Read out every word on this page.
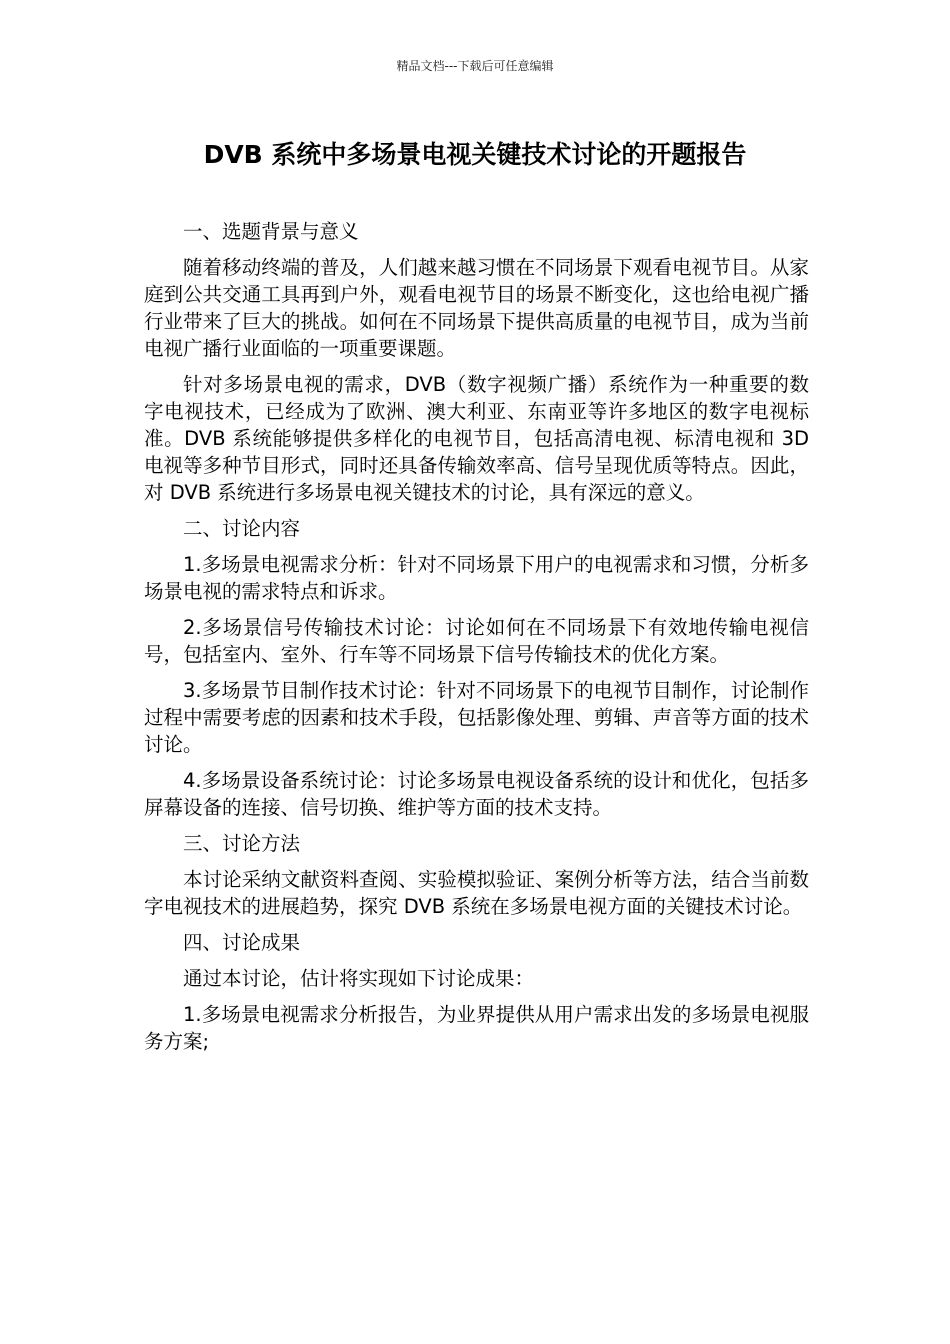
精品文档---下载后可任意编辑
DVB 系统中多场景电视关键技术讨论的开题报告

一、选题背景与意义

随着移动终端的普及，人们越来越习惯在不同场景下观看电视节目。从家庭到公共交通工具再到户外，观看电视节目的场景不断变化，这也给电视广播行业带来了巨大的挑战。如何在不同场景下提供高质量的电视节目，成为当前电视广播行业面临的一项重要课题。

针对多场景电视的需求，DVB（数字视频广播）系统作为一种重要的数字电视技术，已经成为了欧洲、澳大利亚、东南亚等许多地区的数字电视标准。DVB 系统能够提供多样化的电视节目，包括高清电视、标清电视和 3D 电视等多种节目形式，同时还具备传输效率高、信号呈现优质等特点。因此，对 DVB 系统进行多场景电视关键技术的讨论，具有深远的意义。

二、讨论内容

1.多场景电视需求分析：针对不同场景下用户的电视需求和习惯，分析多场景电视的需求特点和诉求。

2.多场景信号传输技术讨论：讨论如何在不同场景下有效地传输电视信号，包括室内、室外、行车等不同场景下信号传输技术的优化方案。

3.多场景节目制作技术讨论：针对不同场景下的电视节目制作，讨论制作过程中需要考虑的因素和技术手段，包括影像处理、剪辑、声音等方面的技术讨论。

4.多场景设备系统讨论：讨论多场景电视设备系统的设计和优化，包括多屏幕设备的连接、信号切换、维护等方面的技术支持。

三、讨论方法

本讨论采纳文献资料查阅、实验模拟验证、案例分析等方法，结合当前数字电视技术的进展趋势，探究 DVB 系统在多场景电视方面的关键技术讨论。

四、讨论成果

通过本讨论，估计将实现如下讨论成果：

1.多场景电视需求分析报告，为业界提供从用户需求出发的多场景电视服务方案;
